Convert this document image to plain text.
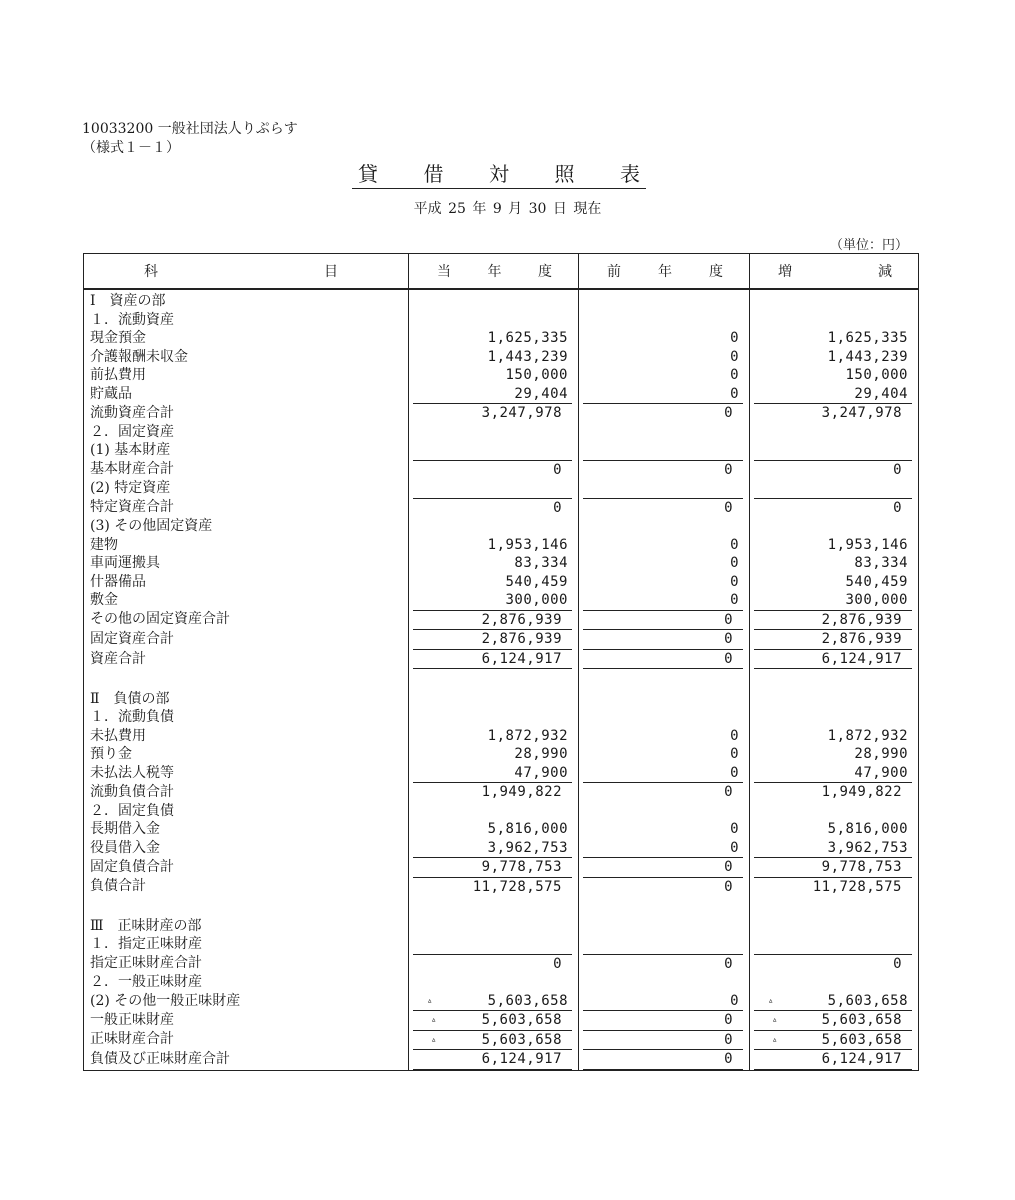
10033200 一般社団法人りぷらす
（様式１－１）
貸 借 対 照 表
平成 25 年 9 月 30 日 現在
（単位：円）
科 目	当 年 度	前 年 度	増 減

Ⅰ　資産の部			
１．流動資産			
現金預金	1,625,335	0	1,625,335

介護報酬未収金	1,443,239	0	1,443,239

前払費用	150,000	0	150,000

貯蔵品	29,404	0	29,404

流動資産合計	3,247,978	0	3,247,978

２．固定資産			
(1) 基本財産			
基本財産合計	0	0	0

(2) 特定資産			
特定資産合計	0	0	0

(3) その他固定資産			
建物	1,953,146	0	1,953,146

車両運搬具	83,334	0	83,334

什器備品	540,459	0	540,459

敷金	300,000	0	300,000

その他の固定資産合計	2,876,939	0	2,876,939

固定資産合計	2,876,939	0	2,876,939

資産合計	6,124,917	0	6,124,917

Ⅱ　負債の部			
１．流動負債			
未払費用	1,872,932	0	1,872,932

預り金	28,990	0	28,990

未払法人税等	47,900	0	47,900

流動負債合計	1,949,822	0	1,949,822

２．固定負債			
長期借入金	5,816,000	0	5,816,000

役員借入金	3,962,753	0	3,962,753

固定負債合計	9,778,753	0	9,778,753

負債合計	11,728,575	0	11,728,575

Ⅲ　正味財産の部			
１．指定正味財産			
指定正味財産合計	0	0	0

２．一般正味財産			
(2) その他一般正味財産	▵ 5,603,658	0	▵ 5,603,658

一般正味財産	▵ 5,603,658	0	▵ 5,603,658

正味財産合計	▵ 5,603,658	0	▵ 5,603,658

負債及び正味財産合計	6,124,917	0	6,124,917
